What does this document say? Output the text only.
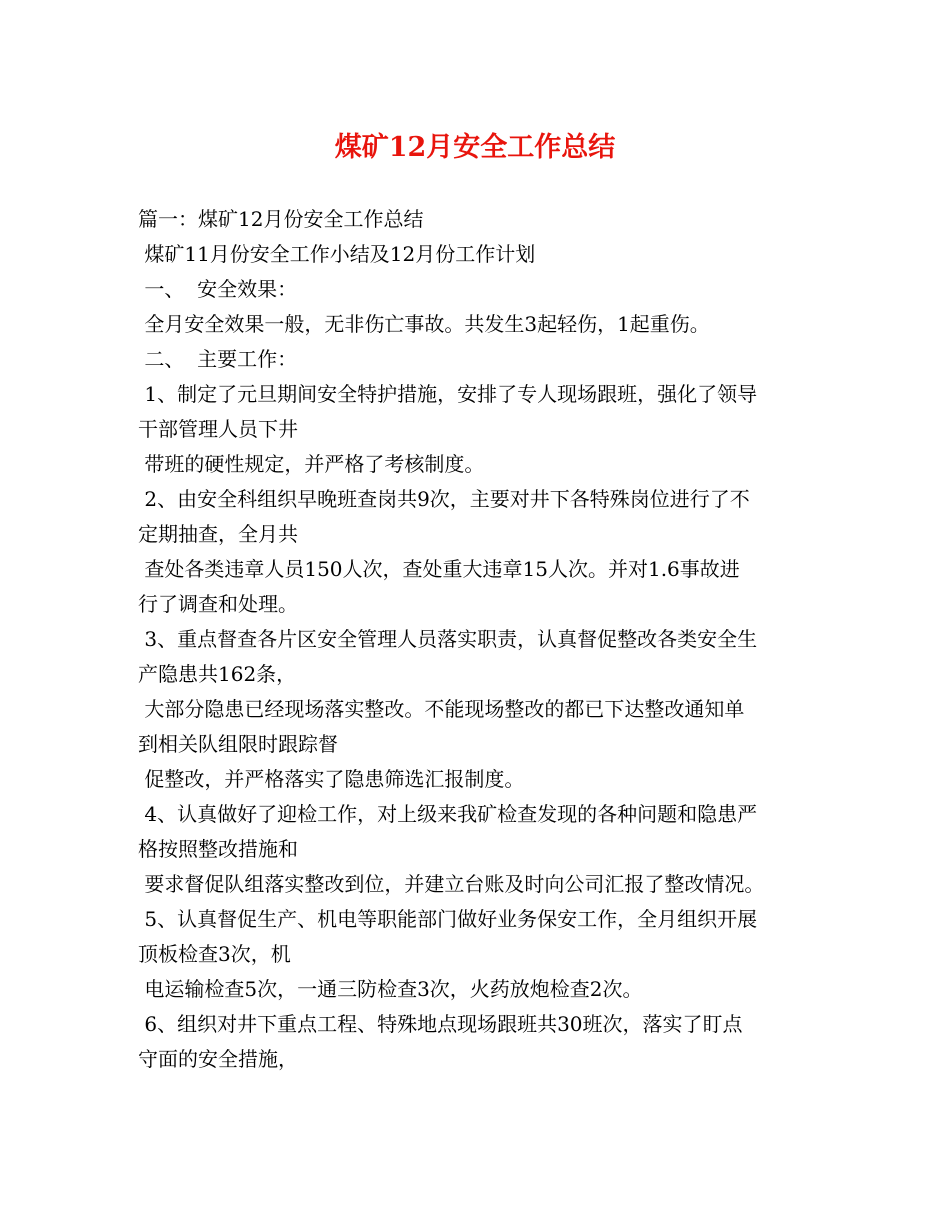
煤矿12月安全工作总结
篇一：煤矿12月份安全工作总结
煤矿11月份安全工作小结及12月份工作计划
一、  安全效果：
全月安全效果一般，无非伤亡事故。共发生3起轻伤，1起重伤。
二、  主要工作：
1、制定了元旦期间安全特护措施，安排了专人现场跟班，强化了领导
干部管理人员下井
带班的硬性规定，并严格了考核制度。
2、由安全科组织早晚班查岗共9次，主要对井下各特殊岗位进行了不
定期抽查，全月共
查处各类违章人员150人次，查处重大违章15人次。并对1.6事故进
行了调查和处理。
3、重点督查各片区安全管理人员落实职责，认真督促整改各类安全生
产隐患共162条，
大部分隐患已经现场落实整改。不能现场整改的都已下达整改通知单
到相关队组限时跟踪督
促整改，并严格落实了隐患筛选汇报制度。
4、认真做好了迎检工作，对上级来我矿检查发现的各种问题和隐患严
格按照整改措施和
要求督促队组落实整改到位，并建立台账及时向公司汇报了整改情况。
5、认真督促生产、机电等职能部门做好业务保安工作，全月组织开展
顶板检查3次，机
电运输检查5次，一通三防检查3次，火药放炮检查2次。
6、组织对井下重点工程、特殊地点现场跟班共30班次，落实了盯点
守面的安全措施，
